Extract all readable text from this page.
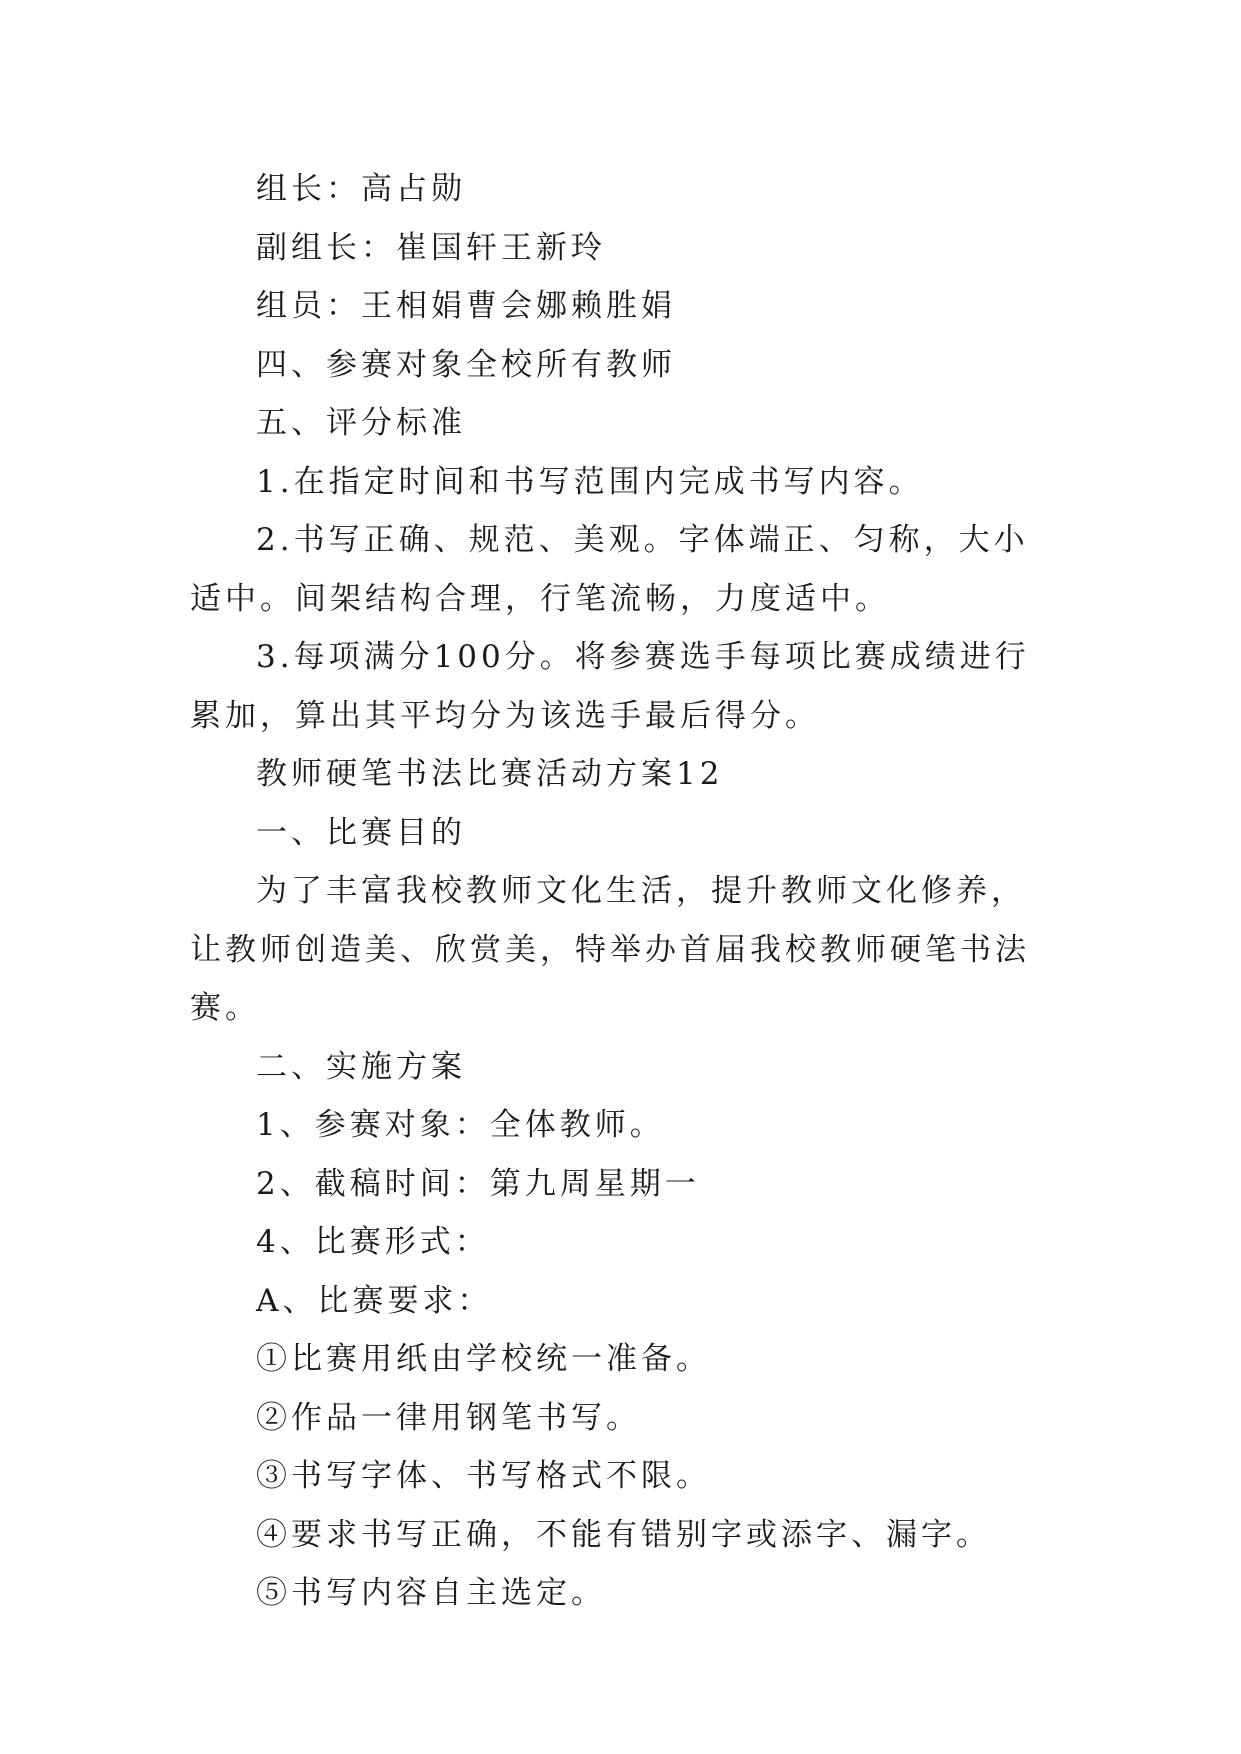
组长：高占勋

副组长：崔国轩王新玲

组员：王相娟曹会娜赖胜娟

四、参赛对象全校所有教师

五、评分标准

1.在指定时间和书写范围内完成书写内容。

2.书写正确、规范、美观。字体端正、匀称，大小适中。间架结构合理，行笔流畅，力度适中。

3.每项满分100分。将参赛选手每项比赛成绩进行累加，算出其平均分为该选手最后得分。

教师硬笔书法比赛活动方案12

一、比赛目的

为了丰富我校教师文化生活，提升教师文化修养，让教师创造美、欣赏美，特举办首届我校教师硬笔书法赛。

二、实施方案

1、参赛对象：全体教师。

2、截稿时间：第九周星期一

4、比赛形式：

A、比赛要求：

①比赛用纸由学校统一准备。

②作品一律用钢笔书写。

③书写字体、书写格式不限。

④要求书写正确，不能有错别字或添字、漏字。

⑤书写内容自主选定。
